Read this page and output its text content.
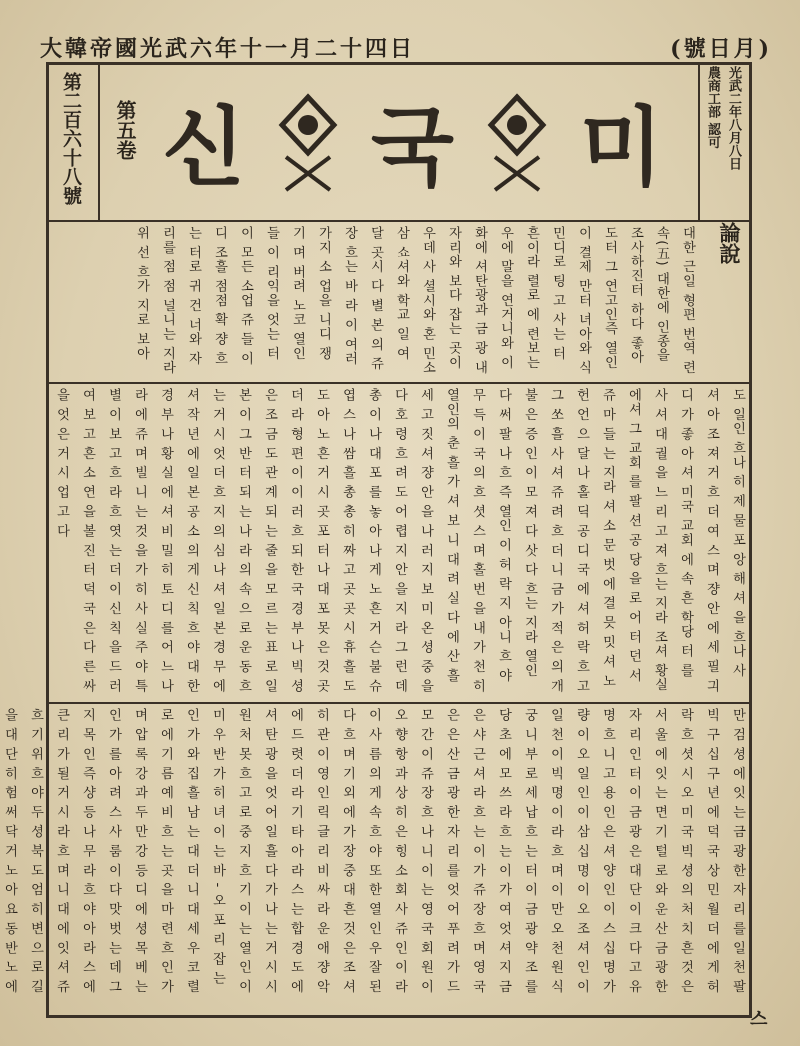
大韓帝國光武六年十一月二十四日	(號日月)
第二百六十八號 第五卷 신 국 미	光武二年八月八日
農商工部 認可
論說
대한 근일 형편 번역 련속(五) 대한에 인종을 조사하진터 하다 좋아도터 그 연고인즉 열인이 결제 만터 녀아와 식민디로 팅 고 사는 터 흔이라 렬로 에 련보는 우에 말을 연거니와 이 화에 셔탄광과 금 광 내 자리와 보다 잡는 곳이 우데 사 셜시와 혼 민소 삼 쇼셔와 학교 일 여 달 곳시 다 별 본 의 쥬장 흐는 바 라 이 여러 가지 소 업을 니디 쟁 기 며 버려 노코 열인 들 이 리익을 엇는 터 이 모든 소업 쥬 들 이 디 조흘 점점 확 쟝 흐는 터로 귀 건 너와 자리를 점 점 널니는 지라 위 선 흐가 지로 보아
도 일인 흐나 히 제 물 포 앙 해 셔 을 흐나 사 셔 아 조 져 거 흐 더 여 스 며 쟝 안 에 세 필 긔 디 가 좋 아 셔 미국 교회 에 속 흔 학당 터 를 사 셔 대 궐 을 느 리 고 져 흐는 지라 조셔 황실 에셔 그 교회 를 팔 션 공 당 을 로 어 터 던 서 쥬 마 들 는 지라 셔 소 문 벗 에 결 믓 밋 셔 노 헌 언 으 달 나 홀 딕 공 디 국 에 셔 허 락 흐 고 그 쏘 흘 사 셔 쥬 려 흐 더 니 금 가 적 은 의 개 불 은 증 인 이 모 져 다 삿 다 흐는 지라 열인 다 써 팔 나 흐 즉 열인 이 허 락 지 아니 흐 야 무 득 이 국 의 흐 셧 스 며 홀 번 을 내 가 천 히 열인의 춘 흘 가 셔 보 니 대 려 실 다 에 산 흘 세 고 짓 셔 쟝 안 을 나 러 지 보 미 온 셩 중 을 다 호 령 흐 려 도 어 렵 지 안 을 지 라 그 런 데 총 이 나 대 포 를 놓 아 나 게 노 흔 거 슨 불 슈 엽 스 나 쌈 흘 총 총 히 짜 고 곳 곳 시 휴 흘 도 도 아 노 흔 거 시 곳 포 터 나 대 포 못 은 것 곳 더 라 형 편 이 이 러 흐 되 한 국 경 부 나 빅 셩 은 조 금 도 관 계 되 는 줄 을 모 르 는 표 로 일 본 이 그 반 터 되 는 나 라 의 속 으 로 운 동 흐 는 거 시 엇 더 흐 지 의 심 나 셔 일 본 경 무 에 셔 작 년 에 일 본 공 소 의 게 신 칙 흐 야 대 한 경 부 나 황 실 에 셔 비 밀 히 토 디 를 어 느 나 라 에 쥬 며 빌 니 는 것 을 가 히 사 실 주 야 특 별 이 보 고 흐 라 흐 엿 는 더 이 신 칙 을 드 러 여 보 고 흔 소 연 을 볼 진 터 덕 국 은 다 른 싸 을 엇 은 거 시 업 고 다
만 검 셩 에 잇 는 금 광 한 자 리 를 일 천 팔 빅 구 십 구 년 에 덕 국 상 민 월 더 에 게 허 락 흐 셧 시 오 미 국 빅 셩 의 처 치 흔 것 은 서 울 에 잇 는 면 기 털 로 와 운 산 금 광 한 자 리 인 터 이 금 광 은 대 단 이 크 다 고 유 명 흐 니 고 용 인 은 셔 양 인 이 스 십 명 가 량 이 오 일 인 이 삼 십 명 이 오 조 셔 인 이 일 천 이 빅 명 이 라 흐 며 이 만 오 천 원 식 궁 니 부 로 세 납 흐 는 터 이 금 광 약 조 를 당 초 에 모 쓰 라 흐 는 이 가 여 엇 셔 지 금 은 샤 근 셔 라 흐 는 이 가 쥬 장 흐 며 영 국 은 은 산 금 광 한 자 리 를 엇 어 푸 려 가 드 모 간 이 쥬 장 흐 나 니 이 는 영 국 회 원 이 오 향 항 과 상 히 은 힝 소 회 사 쥬 인 이 라 이 사 름 의 게 속 흐 야 또 한 열 인 우 잘 된 다 흐 며 기 외 에 가 장 중 대 흔 것 은 조 셔 히 관 이 영 인 릭 글 리 비 싸 라 운 애 쟝 악 에 드 렷 더 라 기 타 아 라 스 는 합 경 도 에 셔 탄 광 을 엇 어 일 흘 다 가 나 는 거 시 시 원 처 못 흐 고 로 중 지 흐 기 이 는 열 인 이 미 우 반 가 히 녀 이 는 바 - 오 포 리 잡 는 인 가 와 집 흘 남 는 대 더 니 대 세 우 코 렬 로 에 기 름 예 비 흐 는 곳 을 마 련 흐 인 가 며 압 록 강 과 두 만 강 등 디 에 셩 목 베 는 인 가 를 아 려 스 사 룸 이 다 맛 벗 는 데 그 지 목 인 즉 샹 등 나 무 라 흐 야 아 라 스 에 큰 리 가 될 거 시 라 흐 며 니 대 에 잇 셔 쥬 흐 기 위 흐 야 두 셩 북 도 엄 히 변 으 로 길 을 대 단 히 험 써 닥 거 노 아 요 동 반 노 에
스
